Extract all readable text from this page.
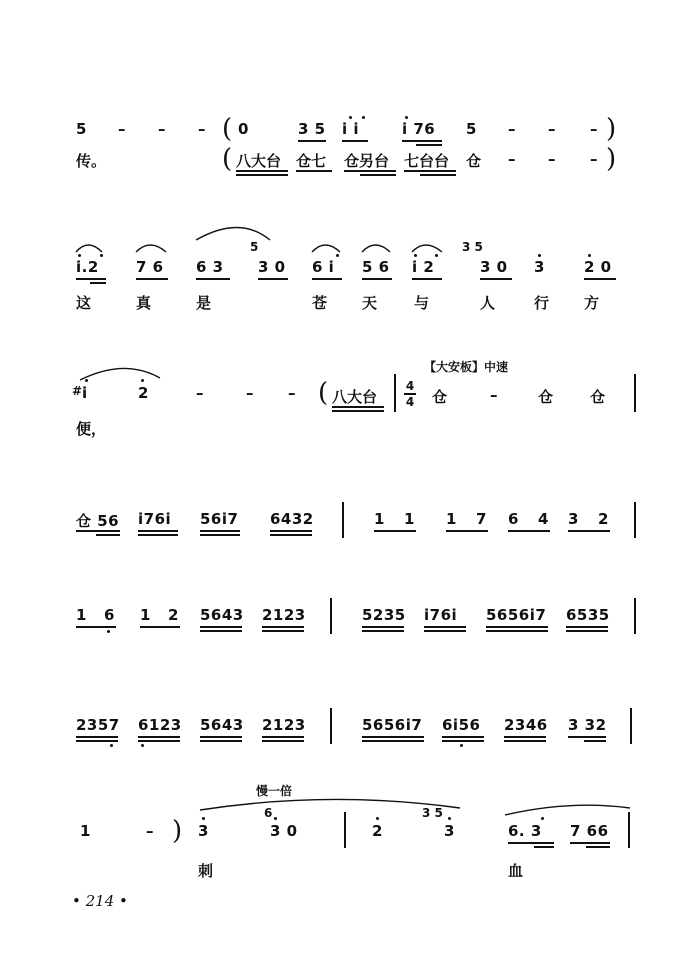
5 – – – ( 0	3 5 i i	i 76 5 – – – )
传。	( 八大台 仓七 仓另台 七台台 仓 – – – )
i.2 7 6 6 3
5
3 0 6 i 5 6 i 2
3 5
3 0 3	2 0
这	真	是	苍 天 与	人	行 方
# i	2	–	– – ( 八大台
4
4
【大安板】中速
仓	–	仓 仓
便，
仓 56 i76i 56i7 6432	1 1 1 7 6 4 3 2
1 6 1 2 5643 2123	5235 i76i 5656i7 6535
2357 6123 5643 2123	5656i7 6i56 2346 3 32
1	– )
慢一倍
3
6
3 0	2
3 5
3	6. 3 7 66
刺	血
• 214 •
